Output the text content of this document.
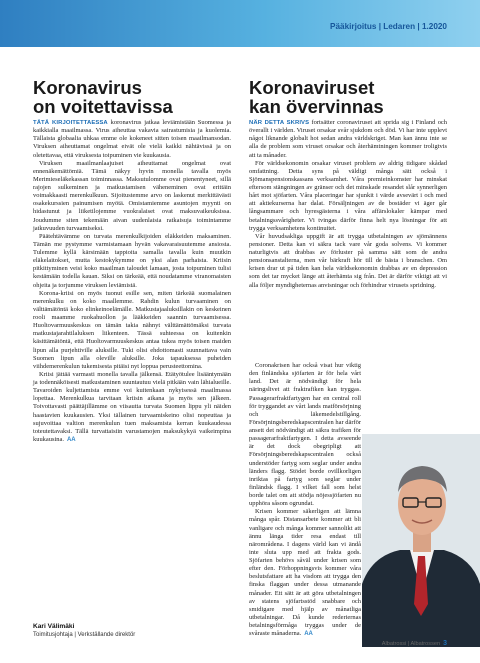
Pääkirjoitus | Ledaren | 1.2020
Koronavirus
on voitettavissa

TÄTÄ KIRJOITETTAESSA koronavirus jatkaa leviämistään Suomessa ja kaikkialla maailmassa. Virus aiheuttaa vakavia sairastumisia ja kuolemia. Tällaista globaalia uhkaa emme ole kokeneet sitten toisen maailmansodan. Viruksen aiheuttamat ongelmat eivät ole vielä kaikki nähtävissä ja on oletettavaa, että viruksesta toipuminen vie kuukausia.

Viruksen maailmanlaajuiset aiheuttamat ongelmat ovat ennenäkemättömiä. Tämä näkyy hyvin monella tavalla myös Merimieseläkekassan toiminnassa. Maksutulomme ovat pienentyneet, sillä rajojen sulkeminen ja matkustamisen väheneminen ovat erittäin voimakkaasti merenkulkuun. Sijoitustemme arvo on laskenut merkittävästi osakekurssien painumisen myötä. Omistamiemme asuntojen myynti on hidastunut ja liiketilojemme vuokralaiset ovat maksuvaikeuksissa. Joudumme siten tekemään aivan uudenlaisia ratkaisuja toimintamme jatkuvuuden turvaamiseksi.

Päätehtävämme on turvata merenkulkijoiden eläkkeiden maksaminen. Tämän me pystymme varmistamaan hyvän vakavaraisuutemme ansiosta. Tulemme kyllä kärsimään tappioita samalla tavalla kuin muutkin eläkelaitokset, mutta kestokykymme on yksi alan parhaista. Kriisin pitkittyminen veisi koko maailman taloudet lamaan, josta toipuminen tulisi kestämään todella kauan. Siksi on tärkeää, että noudatamme viranomaisten ohjeita ja torjumme viruksen leviämistä.

Korona-kriisi on myös tuonut esille sen, miten tärkeää suomalainen merenkulku on koko maallemme. Rahdin kulun turvaaminen on välttämätöntä koko elinkeinoelämälle. Matkustajaaluksillakin on keskeinen rooli maamme ruokahuollon ja lääkkeiden saannin turvaamisessa. Huoltovarmuuskeskus on tämän takia nähnyt välttämättömäksi turvata matkustajarahtilaluksen liikenteen. Tässä suhteessa on kuitenkin käsittämätöntä, että Huoltovarmuuskeskus antaa tukea myös toisen maiden lipun alla purjehtiville aluksille. Tuki olisi ehdottomasti suunnattava vain Suomen lipun alla oleville aluksille. Joka tapauksessa puheiden viihdemerenkulun tukemisesta pitäisi nyt loppua perusteettomina.

Kriisi jättää varmasti monella tavalla jälkensä. Etätyötulee lisääntymään ja todennäköisesti matkustaminen suuntautuu vielä pitkään vain lähialueille. Tavaroiden kuljettamista emme voi kuitenkaan nykyisessä maailmassa lopettaa. Merenkulkua tarvitaan kriisin aikana ja myös sen jälkeen. Toivottavasti päättäjillämme on viisautta turvata Suomen lippu yli näiden haastavien kuukausien. Yksi tällainen turvaamiskeino olisi nopeuttaa ja sujuvoittaa valtion merenkulun tuen maksamista kerran kuukaudessa toteutettavaksi. Tällä turvattaisiin varustamojen maksukykyä vaikeimpina kuukausina. AA

Kari Välimäki
Toimitusjohtaja | Verkställande direktör
Koronaviruset
kan övervinnas

NÄR DETTA SKRIVS fortsätter coronaviruset att sprida sig i Finland och överallt i världen. Viruset orsakar svår sjukdom och död. Vi har inte upplevt något liknande globalt hot sedan andra världskriget. Man kan ännu inte se alla de problem som viruset orsakar och återhämtningen kommer troligtvis att ta månader.

För världsekonomin orsakar viruset problem av aldrig tidigare skådad omfattning. Detta syns på väldigt många sätt också i Sjömanspensionskassans verksamhet. Våra premieinkomster har minskat eftersom stängningen av gränser och det minskade resandet slår synnerligen hårt mot sjöfarten. Våra placeringar har sjunkit i värde avsevärt i och med att aktiekurserna har dalat. Försäljningen av de bostäder vi äger går långsammare och hyresgästerna i våra affärslokaler kämpar med betalningssvårigheter. Vi tvingas därför finna helt nya lösningar för att trygga verksamhetens kontinuitet.

Vår huvudsakliga uppgift är att trygga utbetalningen av sjömännens pensioner. Detta kan vi säkra tack vare vår goda solvens. Vi kommer naturligtvis att drabbas av förluster på samma sätt som de andra pensionsanstalterna, men vår bärkraft hör till de bästa i branschen. Om krisen drar ut på tiden kan hela världsekonomin drabbas av en depression som det tar mycket länge att återhämta sig från. Det är därför viktigt att vi alla följer myndigheternas anvisningar och förhindrar virusets spridning.

Coronakrisen har också visat hur viktig den finländska sjöfarten är för hela vårt land. Det är nödvändigt för hela näringslivet att fraktrafiken kan tryggas. Passagerarfraktfartygen har en central roll för tryggandet av vårt lands matförsörjning och läkemedelstillgång. Försörjningsberedskapscentralen har därför ansett det nödvändigt att säkra trafiken för passagerarfraktfartygen. I detta avseende är det dock obegripligt att Försörjningsberedskapscentralen också understöder fartyg som seglar under andra länders flagg. Stödet borde ovillkorligen inriktas på fartyg som seglar under finländsk flagg. I vilket fall som helst borde talet om att stödja nöjessjöfarten nu upphöra såsom ogrundat.

Krisen kommer säkerligen att lämna många spår. Distansarbete kommer att bli vanligare och många kommer sannolikt att ännu länga tider resa endast till närområdena. I dagens värld kan vi ändå inte sluta upp med att frakta gods. Sjöfarten behövs såväl under krisen som efter den. Förhoppningsvis kommer våra beslutsfattare att ha visdom att trygga den finska flaggan under dessa utmanande månader. Ett sätt är att göra utbetalningen av statens sjöfartsstöd snabbare och smidigare med hjälp av månatliga utbetalningar. Då kunde rederiernas betalningsförmåga tryggas under de svåraste månaderna. AA

Albatrossi | Albatrossen 3
